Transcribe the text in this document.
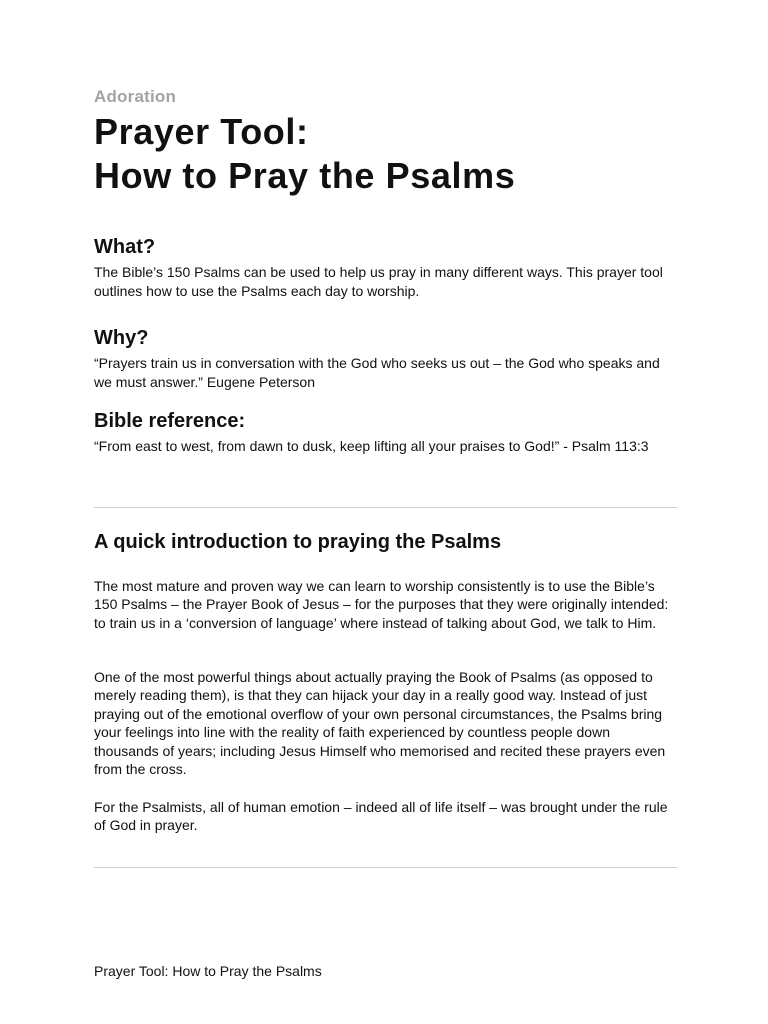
Adoration
Prayer Tool:
How to Pray the Psalms
What?

The Bible’s 150 Psalms can be used to help us pray in many different ways. This prayer tool outlines how to use the Psalms each day to worship.

Why?

“Prayers train us in conversation with the God who seeks us out – the God who speaks and we must answer.” Eugene Peterson

Bible reference:

“From east to west, from dawn to dusk, keep lifting all your praises to God!” - Psalm 113:3

A quick introduction to praying the Psalms

The most mature and proven way we can learn to worship consistently is to use the Bible’s 150 Psalms – the Prayer Book of Jesus – for the purposes that they were originally intended: to train us in a ‘conversion of language’ where instead of talking about God, we talk to Him.

One of the most powerful things about actually praying the Book of Psalms (as opposed to merely reading them), is that they can hijack your day in a really good way. Instead of just praying out of the emotional overflow of your own personal circumstances, the Psalms bring your feelings into line with the reality of faith experienced by countless people down thousands of years; including Jesus Himself who memorised and recited these prayers even from the cross.

For the Psalmists, all of human emotion – indeed all of life itself – was brought under the rule of God in prayer.

Prayer Tool: How to Pray the Psalms
